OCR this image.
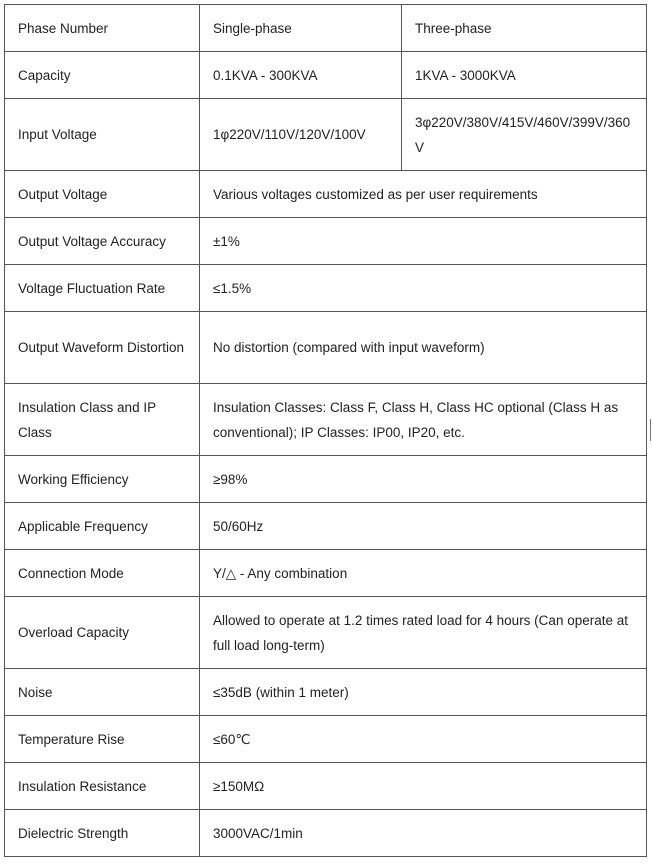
Phase Number	Single-phase	Three-phase
Capacity	0.1KVA - 300KVA	1KVA - 3000KVA
Input Voltage	1φ220V/110V/120V/100V	3φ220V/380V/415V/460V/399V/360V
Output Voltage	Various voltages customized as per user requirements	
Output Voltage Accuracy	±1%	
Voltage Fluctuation Rate	≤1.5%	
Output Waveform Distortion	No distortion (compared with input waveform)	
Insulation Class and IP Class	Insulation Classes: Class F, Class H, Class HC optional (Class H as conventional); IP Classes: IP00, IP20, etc.	
Working Efficiency	≥98%	
Applicable Frequency	50/60Hz	
Connection Mode	Y/△ - Any combination	
Overload Capacity	Allowed to operate at 1.2 times rated load for 4 hours (Can operate at full load long-term)	
Noise	≤35dB (within 1 meter)	
Temperature Rise	≤60℃	
Insulation Resistance	≥150MΩ	
Dielectric Strength	3000VAC/1min	
